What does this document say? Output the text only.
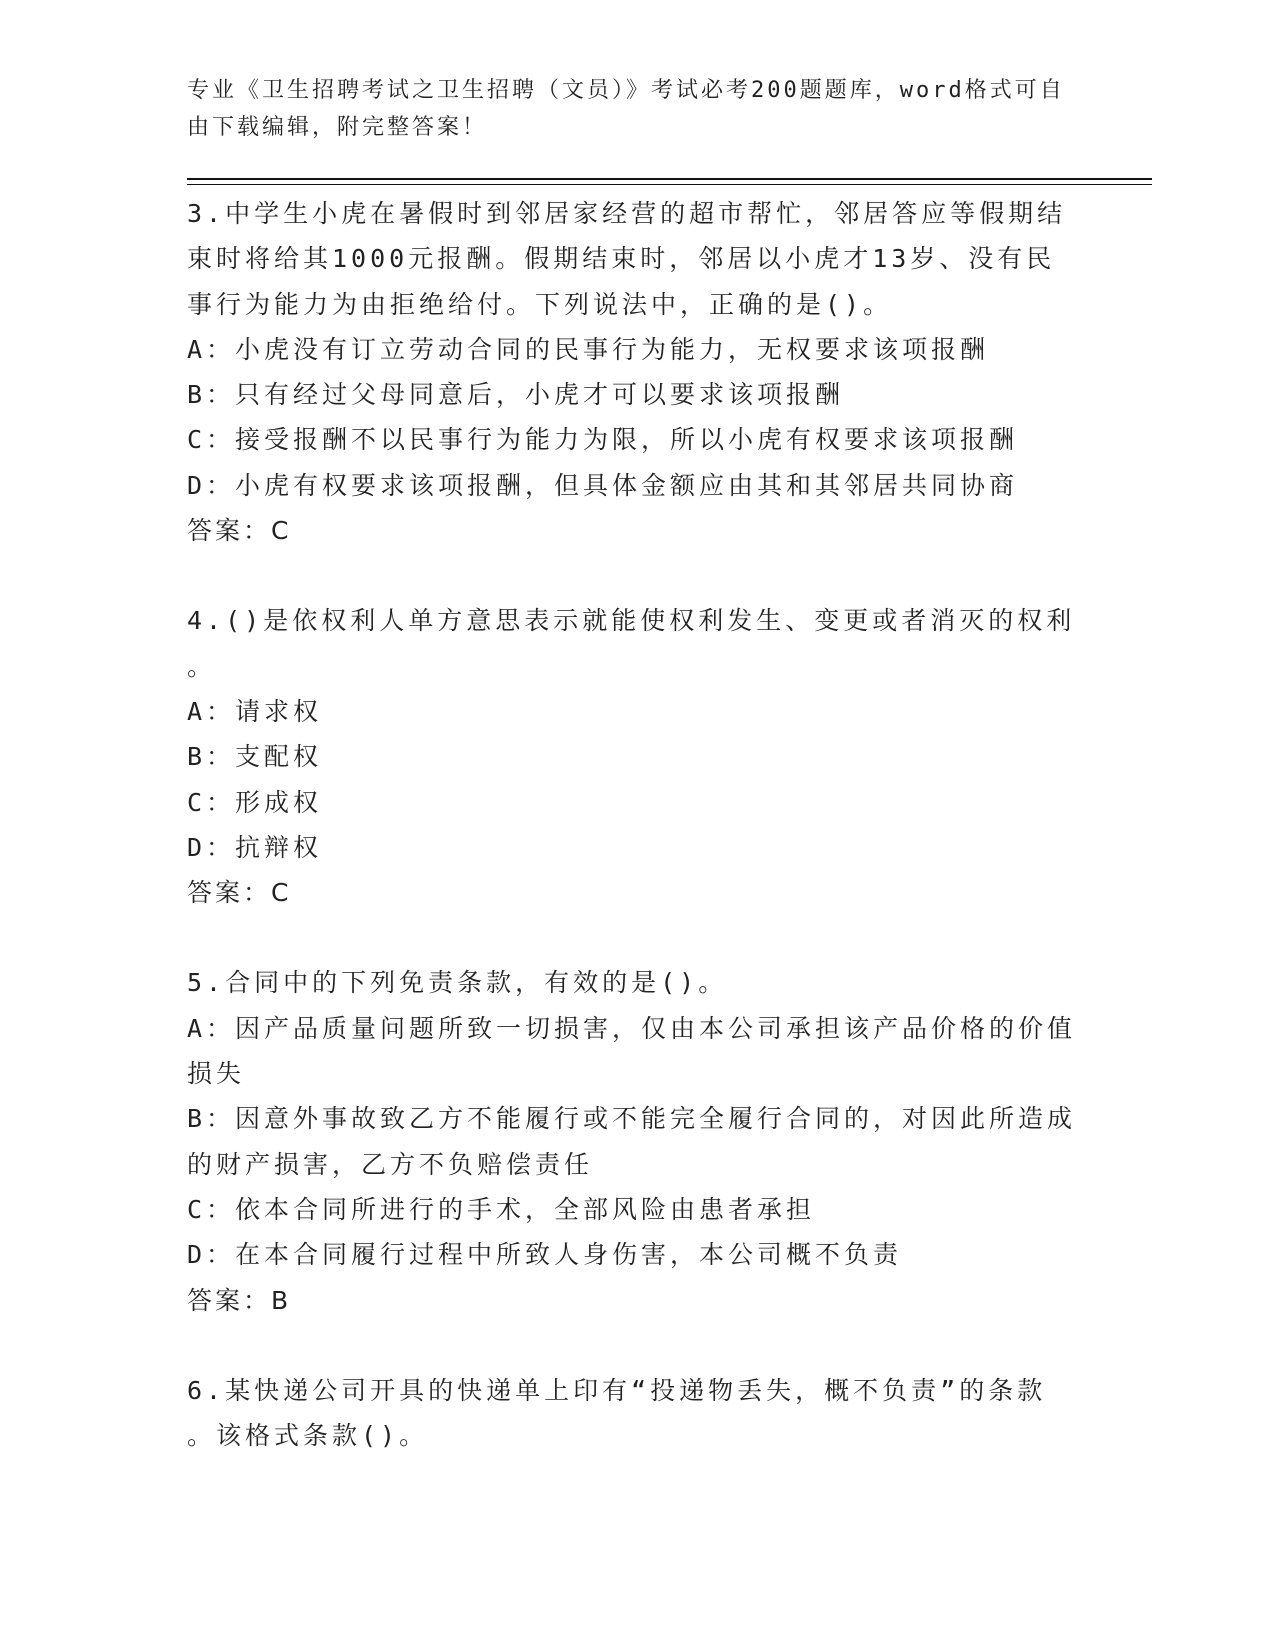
专业《卫生招聘考试之卫生招聘（文员）》考试必考200题题库，word格式可自
由下载编辑，附完整答案！
3.中学生小虎在暑假时到邻居家经营的超市帮忙，邻居答应等假期结
束时将给其1000元报酬。假期结束时，邻居以小虎才13岁、没有民
事行为能力为由拒绝给付。下列说法中，正确的是()。
A：小虎没有订立劳动合同的民事行为能力，无权要求该项报酬
B：只有经过父母同意后，小虎才可以要求该项报酬
C：接受报酬不以民事行为能力为限，所以小虎有权要求该项报酬
D：小虎有权要求该项报酬，但具体金额应由其和其邻居共同协商
答案：C
4.()是依权利人单方意思表示就能使权利发生、变更或者消灭的权利
。
A：请求权
B：支配权
C：形成权
D：抗辩权
答案：C
5.合同中的下列免责条款，有效的是()。
A：因产品质量问题所致一切损害，仅由本公司承担该产品价格的价值
损失
B：因意外事故致乙方不能履行或不能完全履行合同的，对因此所造成
的财产损害，乙方不负赔偿责任
C：依本合同所进行的手术，全部风险由患者承担
D：在本合同履行过程中所致人身伤害，本公司概不负责
答案：B
6.某快递公司开具的快递单上印有“投递物丢失，概不负责”的条款
。该格式条款()。
